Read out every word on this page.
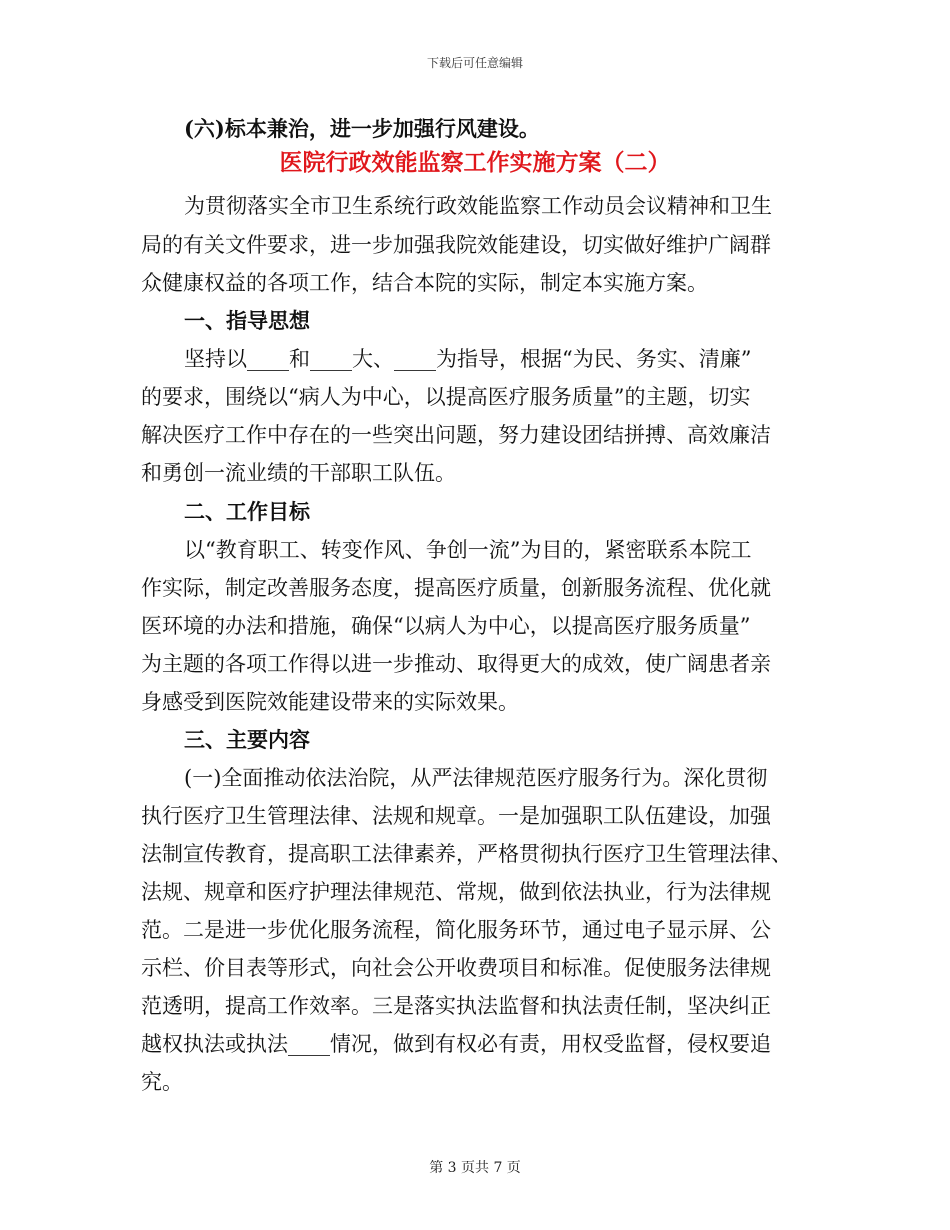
下载后可任意编辑
(六)标本兼治，进一步加强行风建设。
医院行政效能监察工作实施方案（二）
为贯彻落实全市卫生系统行政效能监察工作动员会议精神和卫生
局的有关文件要求，进一步加强我院效能建设，切实做好维护广阔群
众健康权益的各项工作，结合本院的实际，制定本实施方案。
一、指导思想
坚持以____和____大、____为指导，根据“为民、务实、清廉”
的要求，围绕以“病人为中心，以提高医疗服务质量”的主题，切实
解决医疗工作中存在的一些突出问题，努力建设团结拼搏、高效廉洁
和勇创一流业绩的干部职工队伍。
二、工作目标
以“教育职工、转变作风、争创一流”为目的，紧密联系本院工
作实际，制定改善服务态度，提高医疗质量，创新服务流程、优化就
医环境的办法和措施，确保“以病人为中心，以提高医疗服务质量”
为主题的各项工作得以进一步推动、取得更大的成效，使广阔患者亲
身感受到医院效能建设带来的实际效果。
三、主要内容
(一)全面推动依法治院，从严法律规范医疗服务行为。深化贯彻
执行医疗卫生管理法律、法规和规章。一是加强职工队伍建设，加强
法制宣传教育，提高职工法律素养，严格贯彻执行医疗卫生管理法律、
法规、规章和医疗护理法律规范、常规，做到依法执业，行为法律规
范。二是进一步优化服务流程，简化服务环节，通过电子显示屏、公
示栏、价目表等形式，向社会公开收费项目和标准。促使服务法律规
范透明，提高工作效率。三是落实执法监督和执法责任制，坚决纠正
越权执法或执法____情况，做到有权必有责，用权受监督，侵权要追
究。
第 3 页共 7 页
